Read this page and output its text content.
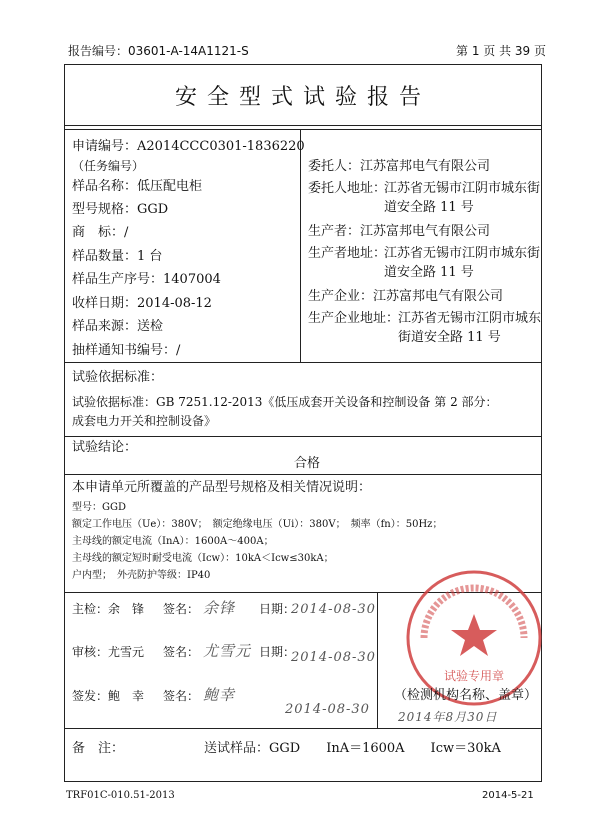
报告编号：03601-A-14A1121-S	第 1 页 共 39 页
安全型式试验报告
申请编号：A2014CCC0301-1836220
（任务编号）
样品名称：低压配电柜
型号规格：GGD
商　标：/
样品数量：1 台
样品生产序号：1407004
收样日期：2014-08-12
样品来源：送检
抽样通知书编号：/
委托人：江苏富邦电气有限公司
委托人地址：
江苏省无锡市江阴市城东街
道安全路 11 号
生产者：江苏富邦电气有限公司
生产者地址：
江苏省无锡市江阴市城东街
道安全路 11 号
生产企业：江苏富邦电气有限公司
生产企业地址：
江苏省无锡市江阴市城东
街道安全路 11 号
试验依据标准：
试验依据标准：GB 7251.12-2013《低压成套开关设备和控制设备 第 2 部分：
成套电力开关和控制设备》
试验结论：
合格
本申请单元所覆盖的产品型号规格及相关情况说明：
型号：GGD
额定工作电压（Ue）：380V；　额定绝缘电压（Ui）：380V；　频率（fn）：50Hz；
主母线的额定电流（InA）：1600A～400A；
主母线的额定短时耐受电流（Icw）：10kA＜Icw≤30kA；
户内型；　外壳防护等级：IP40
试验专用章
主检：余　锋 签名： 余锋 日期：
2014-08-30
审核：尤雪元 签名： 尤雪元 日期：
2014-08-30
签发：鲍　幸 签名： 鲍幸
2014-08-30
（检测机构名称、盖章）
2014年8月30日
备　注：	送试样品：GGD　　InA＝1600A　　Icw＝30kA
TRF01C-010.51-2013	2014-5-21
